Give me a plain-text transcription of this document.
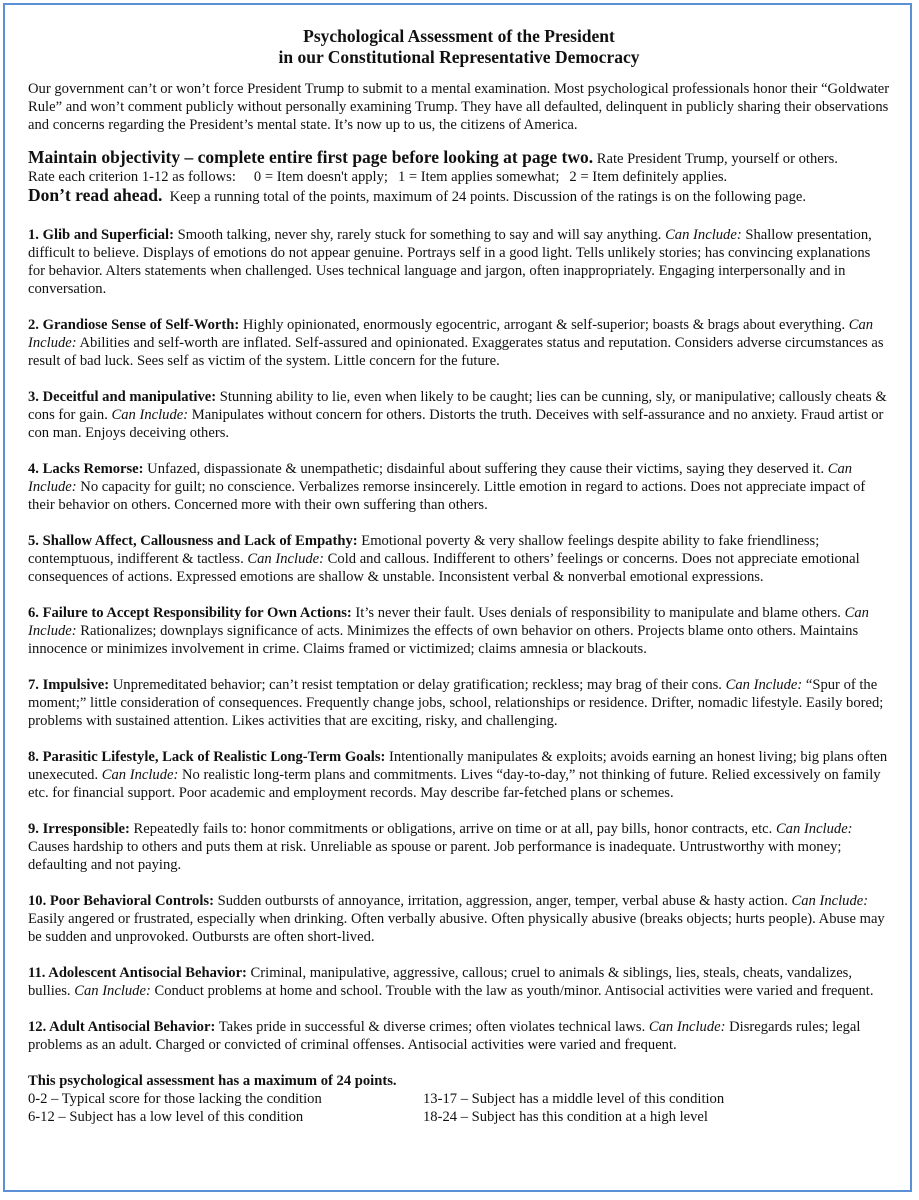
Psychological Assessment of the President
in our Constitutional Representative Democracy

Our government can’t or won’t force President Trump to submit to a mental examination. Most psychological professionals honor their “Goldwater Rule” and won’t comment publicly without personally examining Trump. They have all defaulted, delinquent in publicly sharing their observations and concerns regarding the President’s mental state. It’s now up to us, the citizens of America.

Maintain objectivity – complete entire first page before looking at page two. Rate President Trump, yourself or others.
Rate each criterion 1-12 as follows: 0 = Item doesn't apply; 1 = Item applies somewhat; 2 = Item definitely applies.
Don’t read ahead. Keep a running total of the points, maximum of 24 points. Discussion of the ratings is on the following page.

1. Glib and Superficial: Smooth talking, never shy, rarely stuck for something to say and will say anything. Can Include: Shallow presentation, difficult to believe. Displays of emotions do not appear genuine. Portrays self in a good light. Tells unlikely stories; has convincing explanations for behavior. Alters statements when challenged. Uses technical language and jargon, often inappropriately. Engaging interpersonally and in conversation.

2. Grandiose Sense of Self-Worth: Highly opinionated, enormously egocentric, arrogant & self-superior; boasts & brags about everything. Can Include: Abilities and self-worth are inflated. Self-assured and opinionated. Exaggerates status and reputation. Considers adverse circumstances as result of bad luck. Sees self as victim of the system. Little concern for the future.

3. Deceitful and manipulative: Stunning ability to lie, even when likely to be caught; lies can be cunning, sly, or manipulative; callously cheats & cons for gain. Can Include: Manipulates without concern for others. Distorts the truth. Deceives with self-assurance and no anxiety. Fraud artist or con man. Enjoys deceiving others.

4. Lacks Remorse: Unfazed, dispassionate & unempathetic; disdainful about suffering they cause their victims, saying they deserved it. Can Include: No capacity for guilt; no conscience. Verbalizes remorse insincerely. Little emotion in regard to actions. Does not appreciate impact of their behavior on others. Concerned more with their own suffering than others.

5. Shallow Affect, Callousness and Lack of Empathy: Emotional poverty & very shallow feelings despite ability to fake friendliness; contemptuous, indifferent & tactless. Can Include: Cold and callous. Indifferent to others’ feelings or concerns. Does not appreciate emotional consequences of actions. Expressed emotions are shallow & unstable. Inconsistent verbal & nonverbal emotional expressions.

6. Failure to Accept Responsibility for Own Actions: It’s never their fault. Uses denials of responsibility to manipulate and blame others. Can Include: Rationalizes; downplays significance of acts. Minimizes the effects of own behavior on others. Projects blame onto others. Maintains innocence or minimizes involvement in crime. Claims framed or victimized; claims amnesia or blackouts.

7. Impulsive: Unpremeditated behavior; can’t resist temptation or delay gratification; reckless; may brag of their cons. Can Include: “Spur of the moment;” little consideration of consequences. Frequently change jobs, school, relationships or residence. Drifter, nomadic lifestyle. Easily bored; problems with sustained attention. Likes activities that are exciting, risky, and challenging.

8. Parasitic Lifestyle, Lack of Realistic Long-Term Goals: Intentionally manipulates & exploits; avoids earning an honest living; big plans often unexecuted. Can Include: No realistic long-term plans and commitments. Lives “day-to-day,” not thinking of future. Relied excessively on family etc. for financial support. Poor academic and employment records. May describe far-fetched plans or schemes.

9. Irresponsible: Repeatedly fails to: honor commitments or obligations, arrive on time or at all, pay bills, honor contracts, etc. Can Include: Causes hardship to others and puts them at risk. Unreliable as spouse or parent. Job performance is inadequate. Untrustworthy with money; defaulting and not paying.

10. Poor Behavioral Controls: Sudden outbursts of annoyance, irritation, aggression, anger, temper, verbal abuse & hasty action. Can Include: Easily angered or frustrated, especially when drinking. Often verbally abusive. Often physically abusive (breaks objects; hurts people). Abuse may be sudden and unprovoked. Outbursts are often short-lived.

11. Adolescent Antisocial Behavior: Criminal, manipulative, aggressive, callous; cruel to animals & siblings, lies, steals, cheats, vandalizes, bullies. Can Include: Conduct problems at home and school. Trouble with the law as youth/minor. Antisocial activities were varied and frequent.

12. Adult Antisocial Behavior: Takes pride in successful & diverse crimes; often violates technical laws. Can Include: Disregards rules; legal problems as an adult. Charged or convicted of criminal offenses. Antisocial activities were varied and frequent.

This psychological assessment has a maximum of 24 points.
0-2 – Typical score for those lacking the condition	13-17 – Subject has a middle level of this condition
6-12 – Subject has a low level of this condition	18-24 – Subject has this condition at a high level
